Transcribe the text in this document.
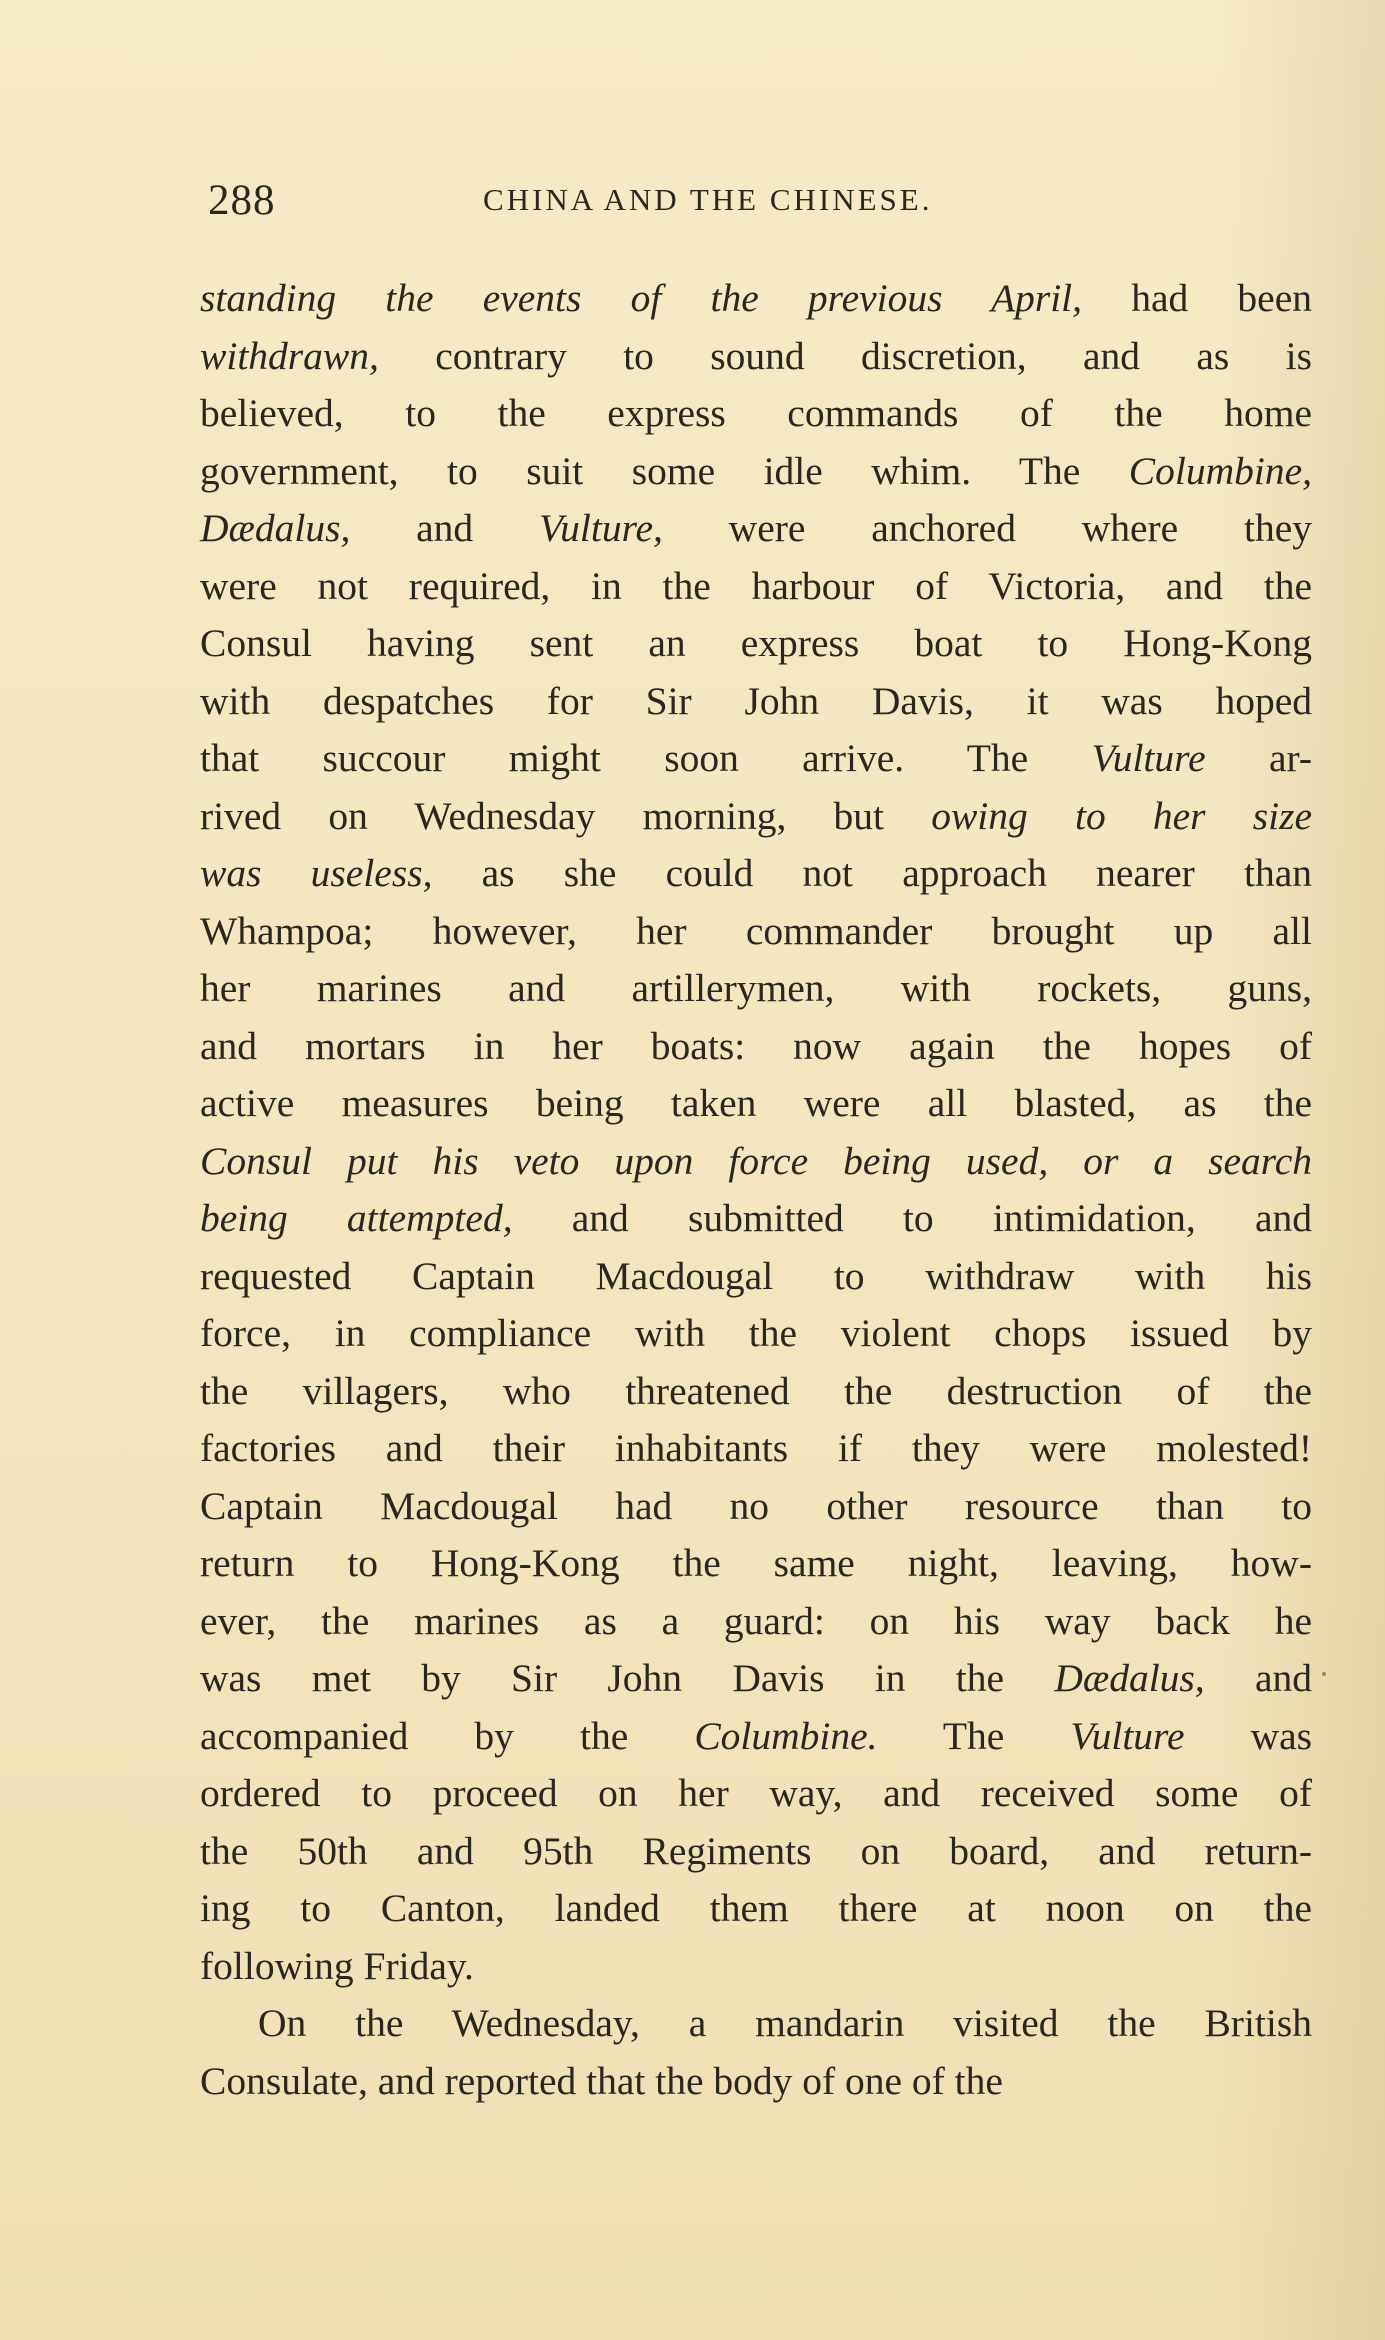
288	CHINA AND THE CHINESE.
standing the events of the previous April, had been
withdrawn, contrary to sound discretion, and as is
believed, to the express commands of the home
government, to suit some idle whim. The Columbine,
Dædalus, and Vulture, were anchored where they
were not required, in the harbour of Victoria, and the
Consul having sent an express boat to Hong-Kong
with despatches for Sir John Davis, it was hoped
that succour might soon arrive. The Vulture ar-
rived on Wednesday morning, but owing to her size
was useless, as she could not approach nearer than
Whampoa; however, her commander brought up all
her marines and artillerymen, with rockets, guns,
and mortars in her boats: now again the hopes of
active measures being taken were all blasted, as the
Consul put his veto upon force being used, or a search
being attempted, and submitted to intimidation, and
requested Captain Macdougal to withdraw with his
force, in compliance with the violent chops issued by
the villagers, who threatened the destruction of the
factories and their inhabitants if they were molested!
Captain Macdougal had no other resource than to
return to Hong-Kong the same night, leaving, how-
ever, the marines as a guard: on his way back he
was met by Sir John Davis in the Dædalus, and
accompanied by the Columbine. The Vulture was
ordered to proceed on her way, and received some of
the 50th and 95th Regiments on board, and return-
ing to Canton, landed them there at noon on the
following Friday.
On the Wednesday, a mandarin visited the British
Consulate, and reported that the body of one of the
